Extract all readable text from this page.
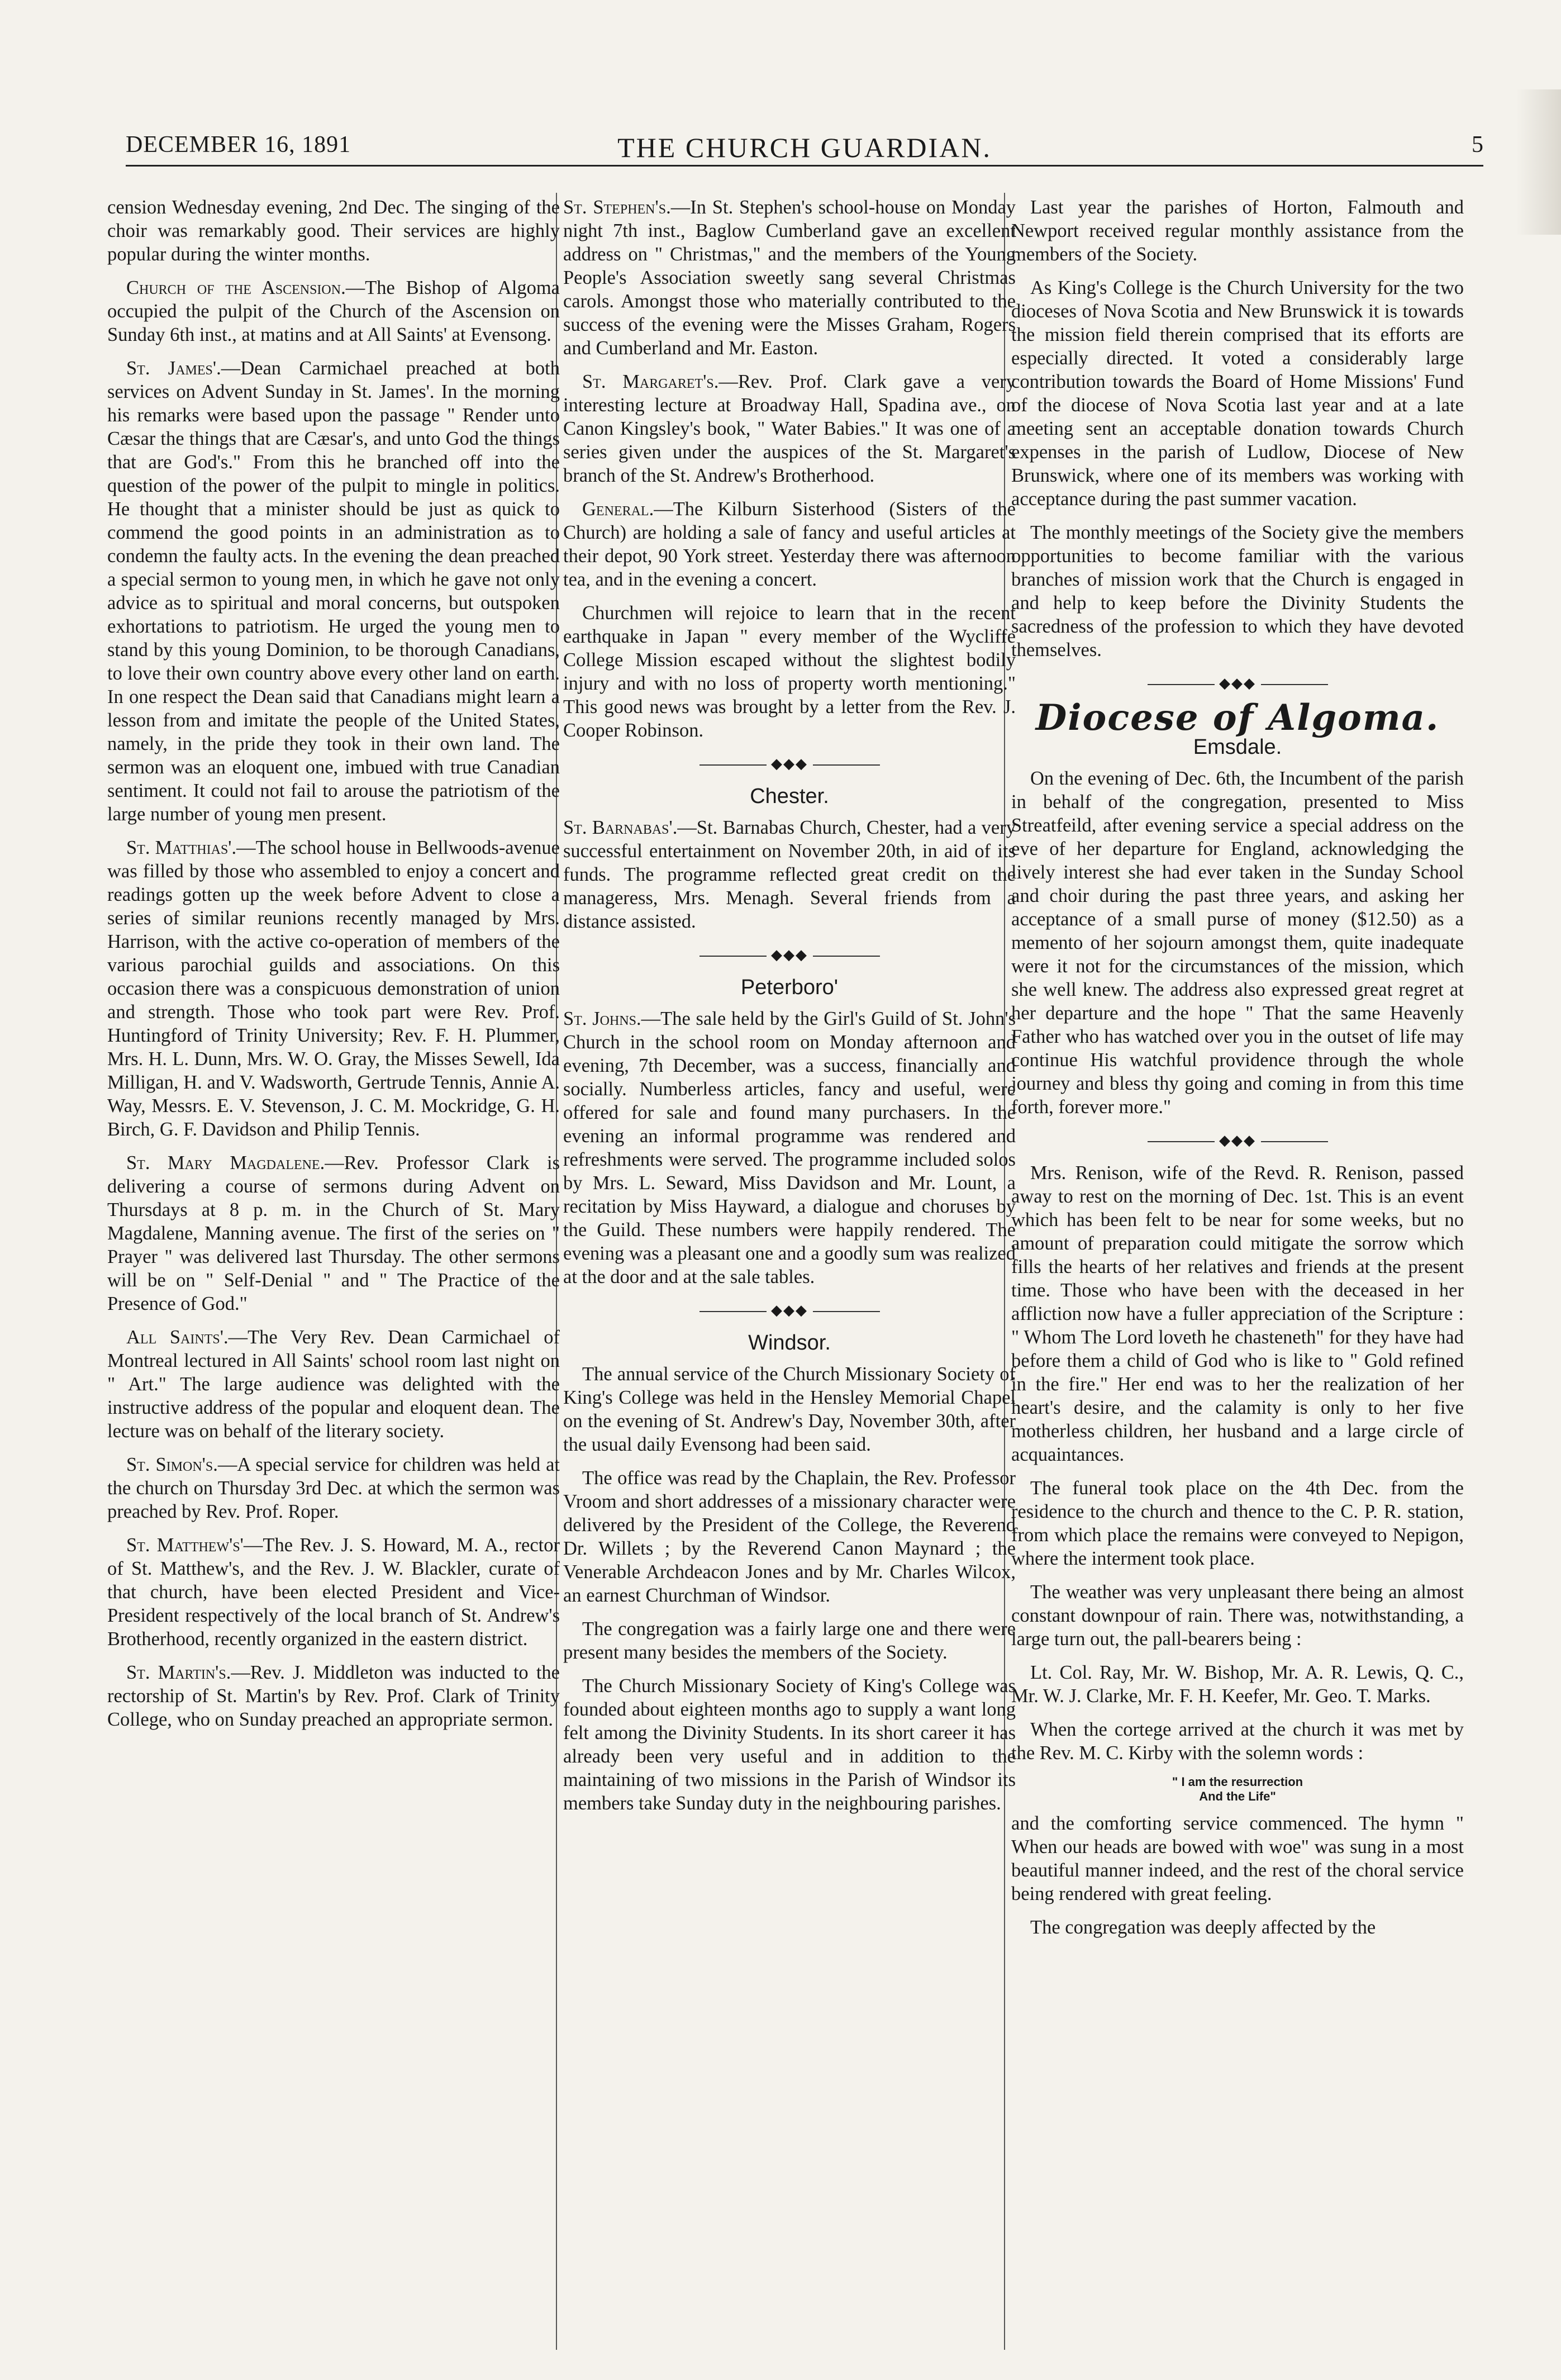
DECEMBER 16, 1891	THE CHURCH GUARDIAN.	5

cension Wednesday evening, 2nd Dec. The singing of the choir was remarkably good. Their services are highly popular during the winter months.

Church of the Ascension.—The Bishop of Algoma occupied the pulpit of the Church of the Ascension on Sunday 6th inst., at matins and at All Saints' at Evensong.

St. James'.—Dean Carmichael preached at both services on Advent Sunday in St. James'. In the morning his remarks were based upon the passage " Render unto Cæsar the things that are Cæsar's, and unto God the things that are God's." From this he branched off into the question of the power of the pulpit to mingle in politics. He thought that a minister should be just as quick to commend the good points in an administration as to condemn the faulty acts. In the evening the dean preached a special sermon to young men, in which he gave not only advice as to spiritual and moral concerns, but outspoken exhortations to patriotism. He urged the young men to stand by this young Dominion, to be thorough Canadians, to love their own country above every other land on earth. In one respect the Dean said that Canadians might learn a lesson from and imitate the people of the United States, namely, in the pride they took in their own land. The sermon was an eloquent one, imbued with true Canadian sentiment. It could not fail to arouse the patriotism of the large number of young men present.

St. Matthias'.—The school house in Bellwoods-avenue was filled by those who assembled to enjoy a concert and readings gotten up the week before Advent to close a series of similar reunions recently managed by Mrs. Harrison, with the active co-operation of members of the various parochial guilds and associations. On this occasion there was a conspicuous demonstration of union and strength. Those who took part were Rev. Prof. Huntingford of Trinity University; Rev. F. H. Plummer, Mrs. H. L. Dunn, Mrs. W. O. Gray, the Misses Sewell, Ida Milligan, H. and V. Wadsworth, Gertrude Tennis, Annie A. Way, Messrs. E. V. Stevenson, J. C. M. Mockridge, G. H. Birch, G. F. Davidson and Philip Tennis.

St. Mary Magdalene.—Rev. Professor Clark is delivering a course of sermons during Advent on Thursdays at 8 p. m. in the Church of St. Mary Magdalene, Manning avenue. The first of the series on " Prayer " was delivered last Thursday. The other sermons will be on " Self-Denial " and " The Practice of the Presence of God."

All Saints'.—The Very Rev. Dean Carmichael of Montreal lectured in All Saints' school room last night on " Art." The large audience was delighted with the instructive address of the popular and eloquent dean. The lecture was on behalf of the literary society.

St. Simon's.—A special service for children was held at the church on Thursday 3rd Dec. at which the sermon was preached by Rev. Prof. Roper.

St. Matthew's'—The Rev. J. S. Howard, M. A., rector of St. Matthew's, and the Rev. J. W. Blackler, curate of that church, have been elected President and Vice-President respectively of the local branch of St. Andrew's Brotherhood, recently organized in the eastern district.

St. Martin's.—Rev. J. Middleton was inducted to the rectorship of St. Martin's by Rev. Prof. Clark of Trinity College, who on Sunday preached an appropriate sermon.

St. Stephen's.—In St. Stephen's school-house on Monday night 7th inst., Baglow Cumberland gave an excellent address on " Christmas," and the members of the Young People's Association sweetly sang several Christmas carols. Amongst those who materially contributed to the success of the evening were the Misses Graham, Rogers and Cumberland and Mr. Easton.

St. Margaret's.—Rev. Prof. Clark gave a very interesting lecture at Broadway Hall, Spadina ave., on Canon Kingsley's book, " Water Babies." It was one of a series given under the auspices of the St. Margaret's branch of the St. Andrew's Brotherhood.

General.—The Kilburn Sisterhood (Sisters of the Church) are holding a sale of fancy and useful articles at their depot, 90 York street. Yesterday there was afternoon tea, and in the evening a concert.

Churchmen will rejoice to learn that in the recent earthquake in Japan " every member of the Wycliffe College Mission escaped without the slightest bodily injury and with no loss of property worth mentioning." This good news was brought by a letter from the Rev. J. Cooper Robinson.

◆◆◆
Chester.

St. Barnabas'.—St. Barnabas Church, Chester, had a very successful entertainment on November 20th, in aid of its funds. The programme reflected great credit on the manageress, Mrs. Menagh. Several friends from a distance assisted.

◆◆◆
Peterboro'

St. Johns.—The sale held by the Girl's Guild of St. John's Church in the school room on Monday afternoon and evening, 7th December, was a success, financially and socially. Numberless articles, fancy and useful, were offered for sale and found many purchasers. In the evening an informal programme was rendered and refreshments were served. The programme included solos by Mrs. L. Seward, Miss Davidson and Mr. Lount, a recitation by Miss Hayward, a dialogue and choruses by the Guild. These numbers were happily rendered. The evening was a pleasant one and a goodly sum was realized at the door and at the sale tables.

◆◆◆
Windsor.

The annual service of the Church Missionary Society of King's College was held in the Hensley Memorial Chapel on the evening of St. Andrew's Day, November 30th, after the usual daily Evensong had been said.

The office was read by the Chaplain, the Rev. Professor Vroom and short addresses of a missionary character were delivered by the President of the College, the Reverend Dr. Willets ; by the Reverend Canon Maynard ; the Venerable Archdeacon Jones and by Mr. Charles Wilcox, an earnest Churchman of Windsor.

The congregation was a fairly large one and there were present many besides the members of the Society.

The Church Missionary Society of King's College was founded about eighteen months ago to supply a want long felt among the Divinity Students. In its short career it has already been very useful and in addition to the maintaining of two missions in the Parish of Windsor its members take Sunday duty in the neighbouring parishes.

Last year the parishes of Horton, Falmouth and Newport received regular monthly assistance from the members of the Society.

As King's College is the Church University for the two dioceses of Nova Scotia and New Brunswick it is towards the mission field therein comprised that its efforts are especially directed. It voted a considerably large contribution towards the Board of Home Missions' Fund of the diocese of Nova Scotia last year and at a late meeting sent an acceptable donation towards Church expenses in the parish of Ludlow, Diocese of New Brunswick, where one of its members was working with acceptance during the past summer vacation.

The monthly meetings of the Society give the members opportunities to become familiar with the various branches of mission work that the Church is engaged in and help to keep before the Divinity Students the sacredness of the profession to which they have devoted themselves.

◆◆◆
Diocese of Algoma.
Emsdale.

On the evening of Dec. 6th, the Incumbent of the parish in behalf of the congregation, presented to Miss Streatfeild, after evening service a special address on the eve of her departure for England, acknowledging the lively interest she had ever taken in the Sunday School and choir during the past three years, and asking her acceptance of a small purse of money ($12.50) as a memento of her sojourn amongst them, quite inadequate were it not for the circumstances of the mission, which she well knew. The address also expressed great regret at her departure and the hope " That the same Heavenly Father who has watched over you in the outset of life may continue His watchful providence through the whole journey and bless thy going and coming in from this time forth, forever more."

◆◆◆

Mrs. Renison, wife of the Revd. R. Renison, passed away to rest on the morning of Dec. 1st. This is an event which has been felt to be near for some weeks, but no amount of preparation could mitigate the sorrow which fills the hearts of her relatives and friends at the present time. Those who have been with the deceased in her affliction now have a fuller appreciation of the Scripture : " Whom The Lord loveth he chasteneth" for they have had before them a child of God who is like to " Gold refined in the fire." Her end was to her the realization of her heart's desire, and the calamity is only to her five motherless children, her husband and a large circle of acquaintances.

The funeral took place on the 4th Dec. from the residence to the church and thence to the C. P. R. station, from which place the remains were conveyed to Nepigon, where the interment took place.

The weather was very unpleasant there being an almost constant downpour of rain. There was, notwithstanding, a large turn out, the pall-bearers being :

Lt. Col. Ray, Mr. W. Bishop, Mr. A. R. Lewis, Q. C., Mr. W. J. Clarke, Mr. F. H. Keefer, Mr. Geo. T. Marks.

When the cortege arrived at the church it was met by the Rev. M. C. Kirby with the solemn words :

" I am the resurrection
And the Life"

and the comforting service commenced. The hymn " When our heads are bowed with woe" was sung in a most beautiful manner indeed, and the rest of the choral service being rendered with great feeling.

The congregation was deeply affected by the
